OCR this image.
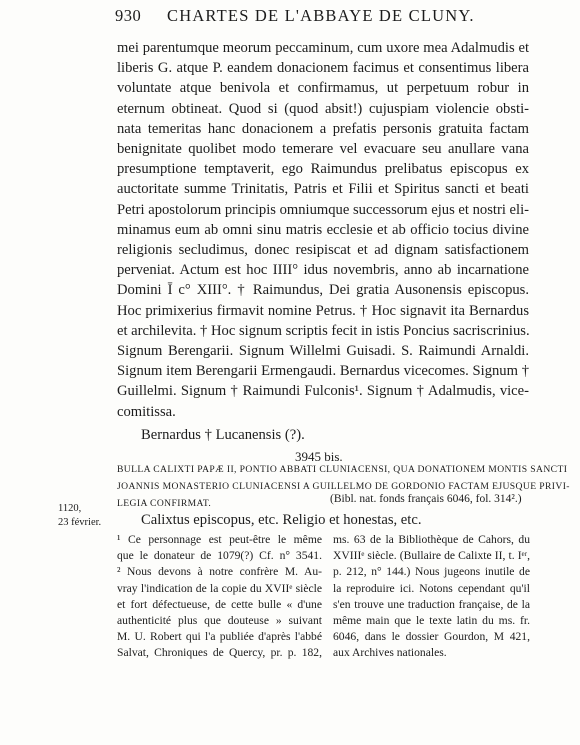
930 CHARTES DE L'ABBAYE DE CLUNY.
mei parentumque meorum peccaminum, cum uxore mea Adalmudis et
liberis G. atque P. eandem donacionem facimus et consentimus libera
voluntate atque benivola et confirmamus, ut perpetuum robur in
eternum obtineat. Quod si (quod absit!) cujuspiam violencie obsti-
nata temeritas hanc donacionem a prefatis personis gratuita factam
benignitate quolibet modo temerare vel evacuare seu anullare vana
presumptione temptaverit, ego Raimundus prelibatus episcopus ex
auctoritate summe Trinitatis, Patris et Filii et Spiritus sancti et beati
Petri apostolorum principis omniumque successorum ejus et nostri eli-
minamus eum ab omni sinu matris ecclesie et ab officio tocius divine
religionis secludimus, donec resipiscat et ad dignam satisfactionem
perveniat. Actum est hoc IIII° idus novembris, anno ab incarnatione
Domini Ī c° XIII°. † Raimundus, Dei gratia Ausonensis episcopus.
Hoc primixerius firmavit nomine Petrus. † Hoc signavit ita Bernardus
et archilevita. † Hoc signum scriptis fecit in istis Poncius sacriscrinius.
Signum Berengarii. Signum Willelmi Guisadi. S. Raimundi Arnaldi.
Signum item Berengarii Ermengaudi. Bernardus vicecomes. Signum †
Guillelmi. Signum † Raimundi Fulconis¹. Signum † Adalmudis, vice-
comitissa.
Bernardus † Lucanensis (?).
3945 bis.
BULLA CALIXTI PAPÆ II, PONTIO ABBATI CLUNIACENSI, QUA DONATIONEM MONTIS SANCTI
JOANNIS MONASTERIO CLUNIACENSI A GUILLELMO DE GORDONIO FACTAM EJUSQUE PRIVI-
LEGIA CONFIRMAT.	(Bibl. nat. fonds français 6046, fol. 314².)
1120,
23 février.	Calixtus episcopus, etc. Religio et honestas, etc.
¹ Ce personnage est peut-être le même
que le donateur de 1079(?) Cf. n° 3541.
² Nous devons à notre confrère M. Au-
vray l'indication de la copie du XVIIᵉ siècle
et fort défectueuse, de cette bulle « d'une
authenticité plus que douteuse » suivant
M. U. Robert qui l'a publiée d'après l'abbé
Salvat, Chroniques de Quercy, pr. p. 182,
ms. 63 de la Bibliothèque de Cahors, du
XVIIIᵉ siècle. (Bullaire de Calixte II, t. Iᵉʳ,
p. 212, n° 144.) Nous jugeons inutile de
la reproduire ici. Notons cependant qu'il
s'en trouve une traduction française, de la
même main que le texte latin du ms. fr.
6046, dans le dossier Gourdon, M 421,
aux Archives nationales.
